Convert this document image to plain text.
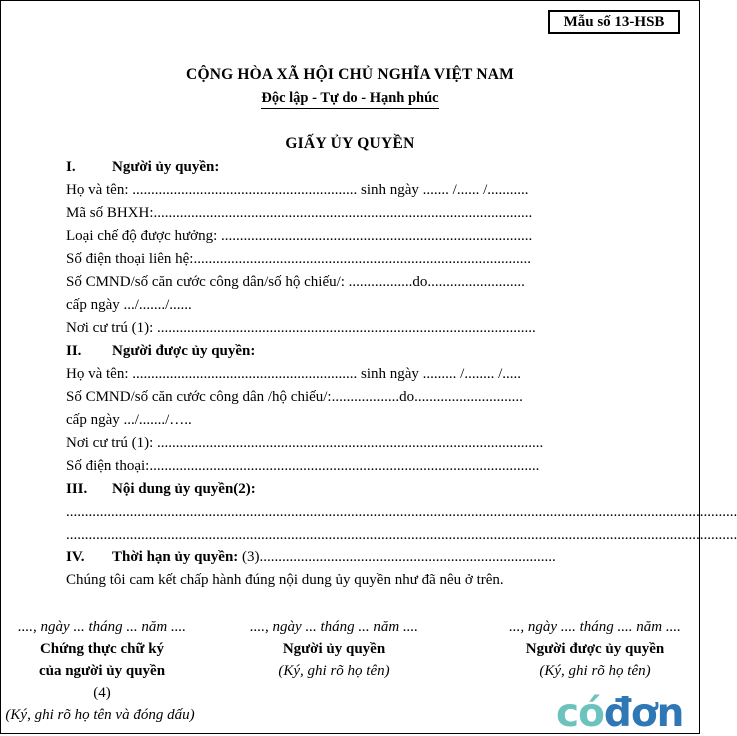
Mẫu số 13-HSB
CỘNG HÒA XÃ HỘI CHỦ NGHĨA VIỆT NAM
Độc lập - Tự do - Hạnh phúc
GIẤY ỦY QUYỀN
I. Người ủy quyền:
Họ và tên: ............................................................ sinh ngày ....... /...... /...........
Mã số BHXH:.....................................................................................................
Loại chế độ được hưởng: ...................................................................................
Số điện thoại liên hệ:..........................................................................................
Số CMND/số căn cước công dân/số hộ chiếu/: .................do..........................
cấp ngày .../......./......
Nơi cư trú (1): .....................................................................................................
II. Người được ủy quyền:
Họ và tên: ............................................................ sinh ngày ......... /........ /.....
Số CMND/số căn cước công dân /hộ chiếu/:..................do.............................
cấp ngày .../......./…..
Nơi cư trú (1): .......................................................................................................
Số điện thoại:........................................................................................................
III. Nội dung ủy quyền(2):
...................................................................................................................................................................................
...................................................................................................................................................................................
IV. Thời hạn ủy quyền: (3)...............................................................................
Chúng tôi cam kết chấp hành đúng nội dung ủy quyền như đã nêu ở trên.
...., ngày ... tháng ... năm ....
Chứng thực chữ ký
của người ủy quyền
(4)
(Ký, ghi rõ họ tên và đóng dấu)
...., ngày ... tháng ... năm ....
Người ủy quyền
(Ký, ghi rõ họ tên)
..., ngày .... tháng .... năm ....
Người được ủy quyền
(Ký, ghi rõ họ tên)
cóđơn
